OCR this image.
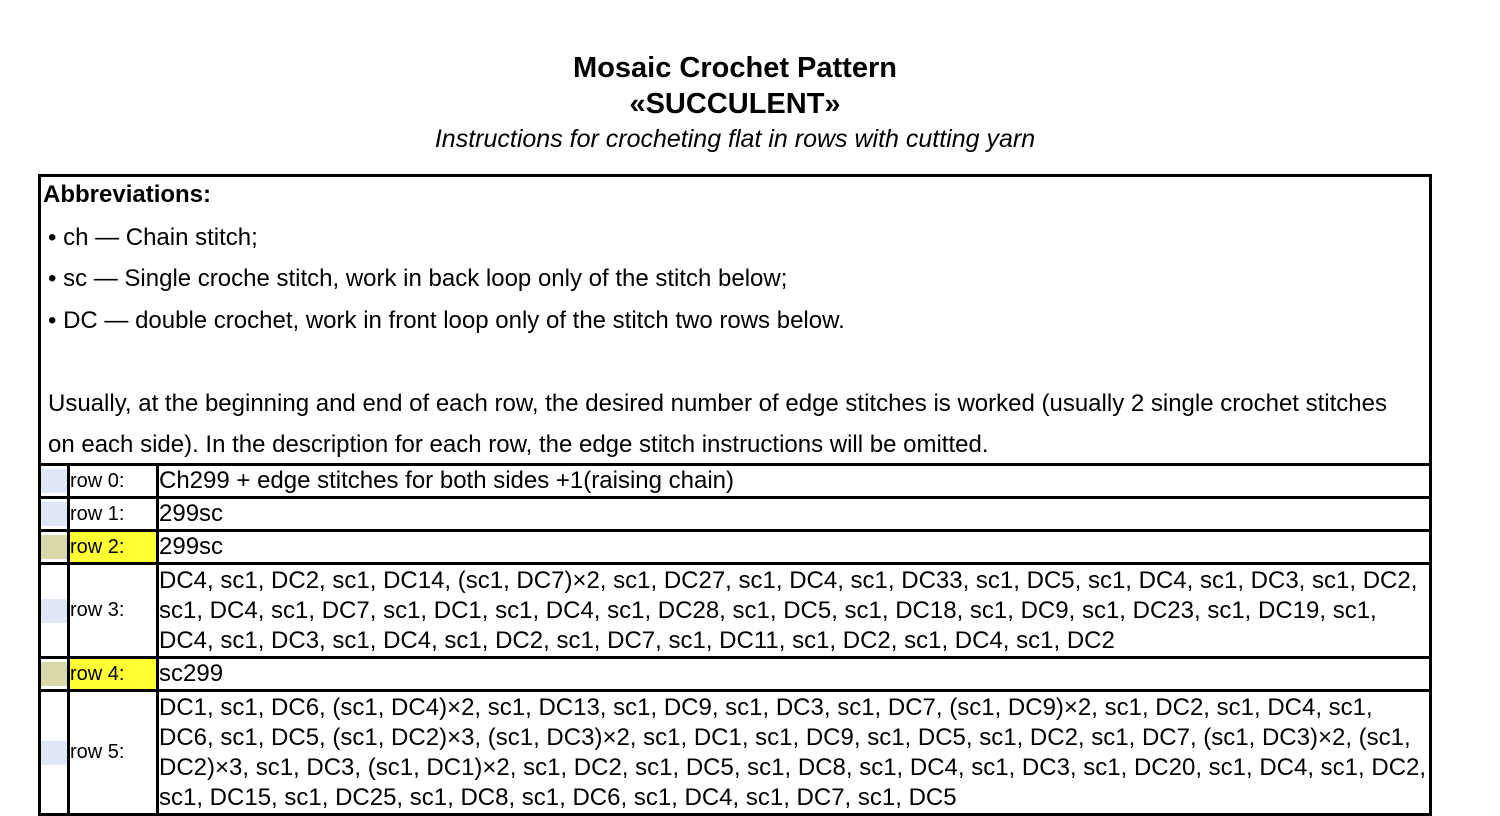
Mosaic Crochet Pattern
«SUCCULENT»
Instructions for crocheting flat in rows with cutting yarn
Abbreviations:
• ch — Chain stitch;
• sc — Single croche stitch, work in back loop only of the stitch below;
• DC — double crochet, work in front loop only of the stitch two rows below.
Usually, at the beginning and end of each row, the desired number of edge stitches is worked (usually 2 single crochet stitches on each side). In the description for each row, the edge stitch instructions will be omitted.
	row 0:	Ch299 + edge stitches for both sides +1(raising chain)

	row 1:	299sc

	row 2:	299sc

	row 3:	DC4, sc1, DC2, sc1, DC14, (sc1, DC7)×2, sc1, DC27, sc1, DC4, sc1, DC33, sc1, DC5, sc1, DC4, sc1, DC3, sc1, DC2, sc1, DC4, sc1, DC7, sc1, DC1, sc1, DC4, sc1, DC28, sc1, DC5, sc1, DC18, sc1, DC9, sc1, DC23, sc1, DC19, sc1, DC4, sc1, DC3, sc1, DC4, sc1, DC2, sc1, DC7, sc1, DC11, sc1, DC2, sc1, DC4, sc1, DC2

	row 4:	sc299

	row 5:	DC1, sc1, DC6, (sc1, DC4)×2, sc1, DC13, sc1, DC9, sc1, DC3, sc1, DC7, (sc1, DC9)×2, sc1, DC2, sc1, DC4, sc1, DC6, sc1, DC5, (sc1, DC2)×3, (sc1, DC3)×2, sc1, DC1, sc1, DC9, sc1, DC5, sc1, DC2, sc1, DC7, (sc1, DC3)×2, (sc1, DC2)×3, sc1, DC3, (sc1, DC1)×2, sc1, DC2, sc1, DC5, sc1, DC8, sc1, DC4, sc1, DC3, sc1, DC20, sc1, DC4, sc1, DC2, sc1, DC15, sc1, DC25, sc1, DC8, sc1, DC6, sc1, DC4, sc1, DC7, sc1, DC5
